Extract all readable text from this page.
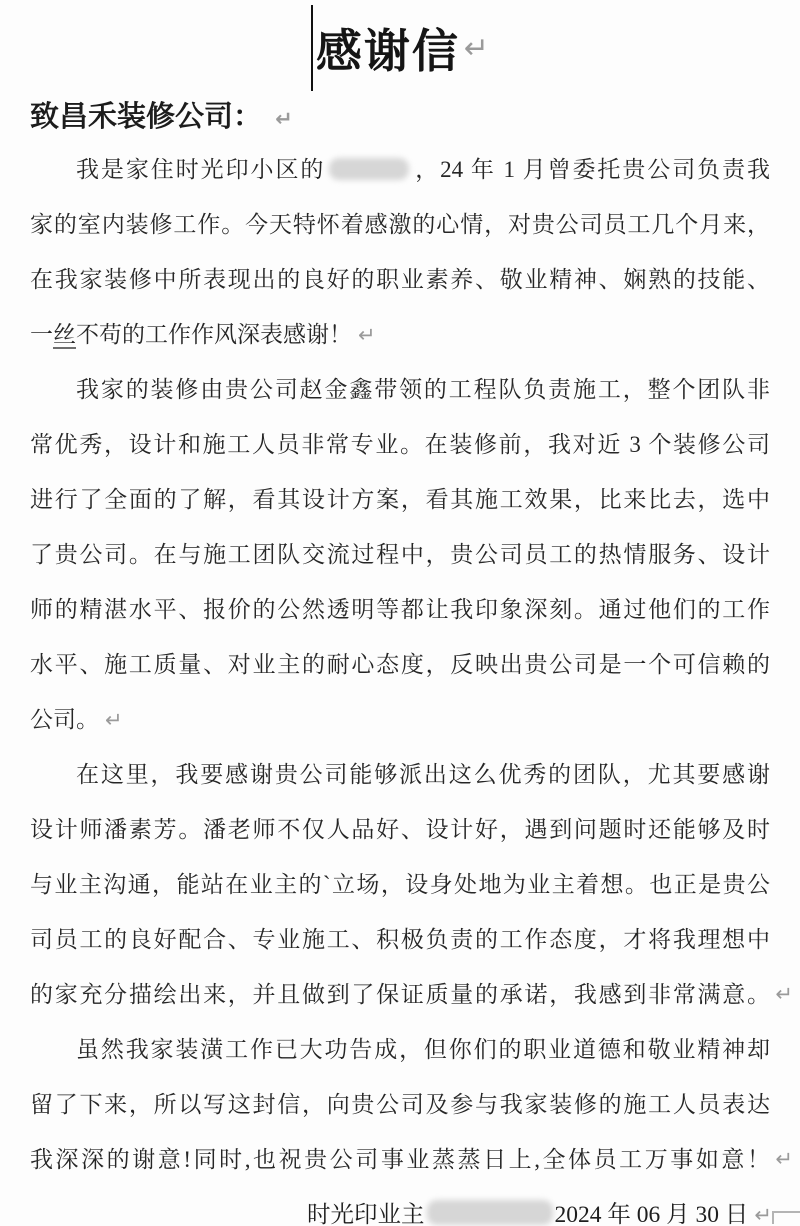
感谢信 ↵
致昌禾装修公司： ↵
我是家住时光印小区的	，24 年 1 月曾委托贵公司负责我
家的室内装修工作。今天特怀着感激的心情，对贵公司员工几个月来，
在我家装修中所表现出的良好的职业素养、敬业精神、娴熟的技能、
一丝不苟的工作作风深表感谢！ ↵
我家的装修由贵公司赵金鑫带领的工程队负责施工，整个团队非
常优秀，设计和施工人员非常专业。在装修前，我对近 3 个装修公司
进行了全面的了解，看其设计方案，看其施工效果，比来比去，选中
了贵公司。在与施工团队交流过程中，贵公司员工的热情服务、设计
师的精湛水平、报价的公然透明等都让我印象深刻。通过他们的工作
水平、施工质量、对业主的耐心态度，反映出贵公司是一个可信赖的
公司。 ↵
在这里，我要感谢贵公司能够派出这么优秀的团队，尤其要感谢
设计师潘素芳。潘老师不仅人品好、设计好，遇到问题时还能够及时
与业主沟通，能站在业主的`立场，设身处地为业主着想。也正是贵公
司员工的良好配合、专业施工、积极负责的工作态度，才将我理想中
的家充分描绘出来，并且做到了保证质量的承诺，我感到非常满意。 ↵
虽然我家装潢工作已大功告成，但你们的职业道德和敬业精神却
留了下来，所以写这封信，向贵公司及参与我家装修的施工人员表达
我深深的谢意!同时,也祝贵公司事业蒸蒸日上,全体员工万事如意！ ↵
时光印业主	2024 年 06 月 30 日 ↵
